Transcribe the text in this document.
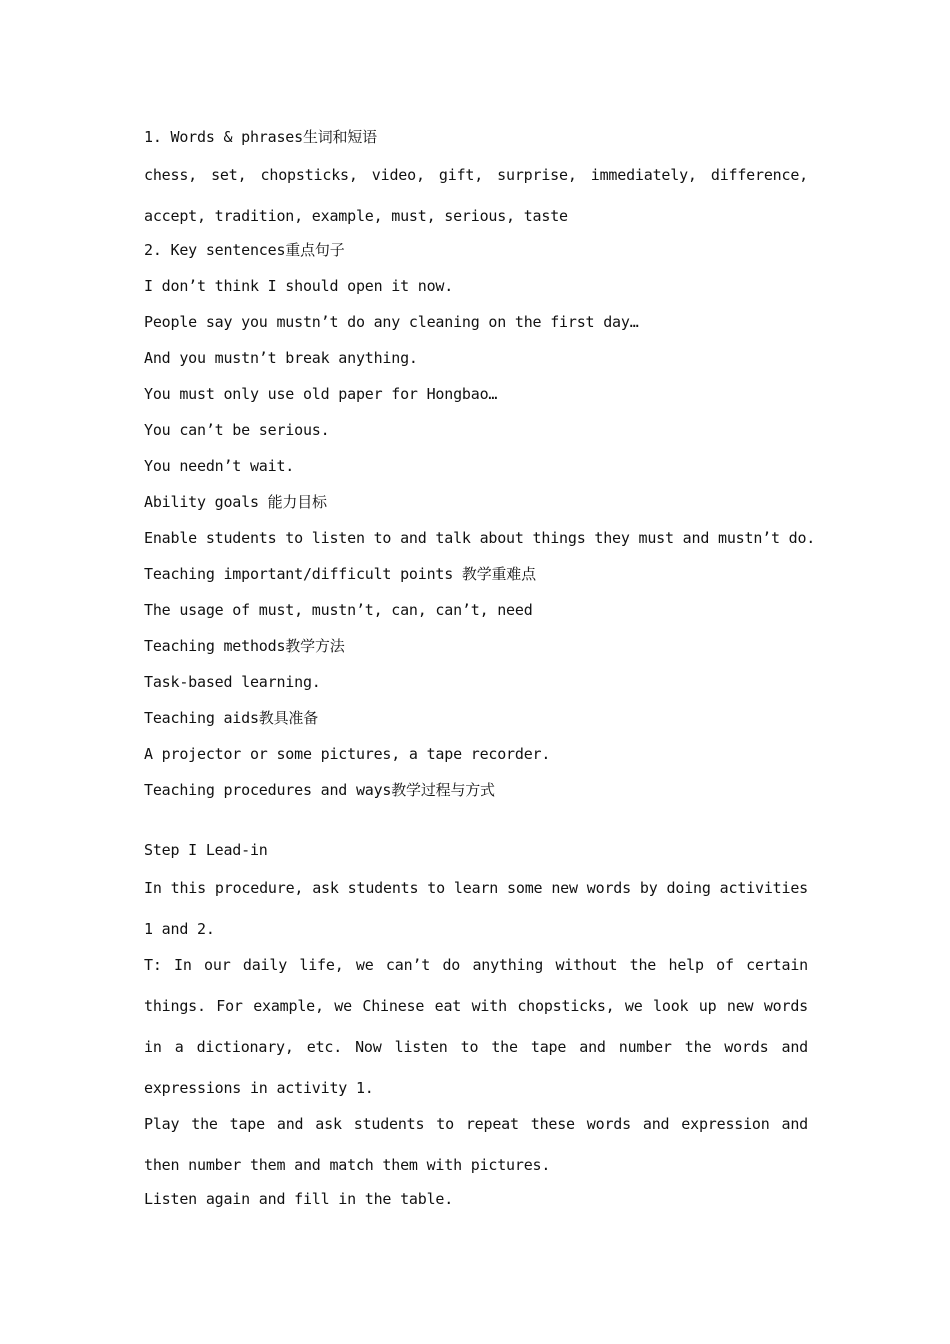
1. Words & phrases生词和短语

chess, set, chopsticks, video, gift, surprise, immediately, difference, accept, tradition, example, must, serious, taste

2. Key sentences重点句子
I don’t think I should open it now.
People say you mustn’t do any cleaning on the first day…
And you mustn’t break anything.
You must only use old paper for Hongbao…
You can’t be serious.
You needn’t wait.
Ability goals 能力目标
Enable students to listen to and talk about things they must and mustn’t do.
Teaching important/difficult points 教学重难点
The usage of must, mustn’t, can, can’t, need
Teaching methods教学方法
Task-based learning.
Teaching aids教具准备
A projector or some pictures, a tape recorder.
Teaching procedures and ways教学过程与方式
Step I Lead-in

In this procedure, ask students to learn some new words by doing activities 1 and 2.

T: In our daily life, we can’t do anything without the help of certain things. For example, we Chinese eat with chopsticks, we look up new words in a dictionary, etc. Now listen to the tape and number the words and expressions in activity 1.

Play the tape and ask students to repeat these words and expression and then number them and match them with pictures.

Listen again and fill in the table.
